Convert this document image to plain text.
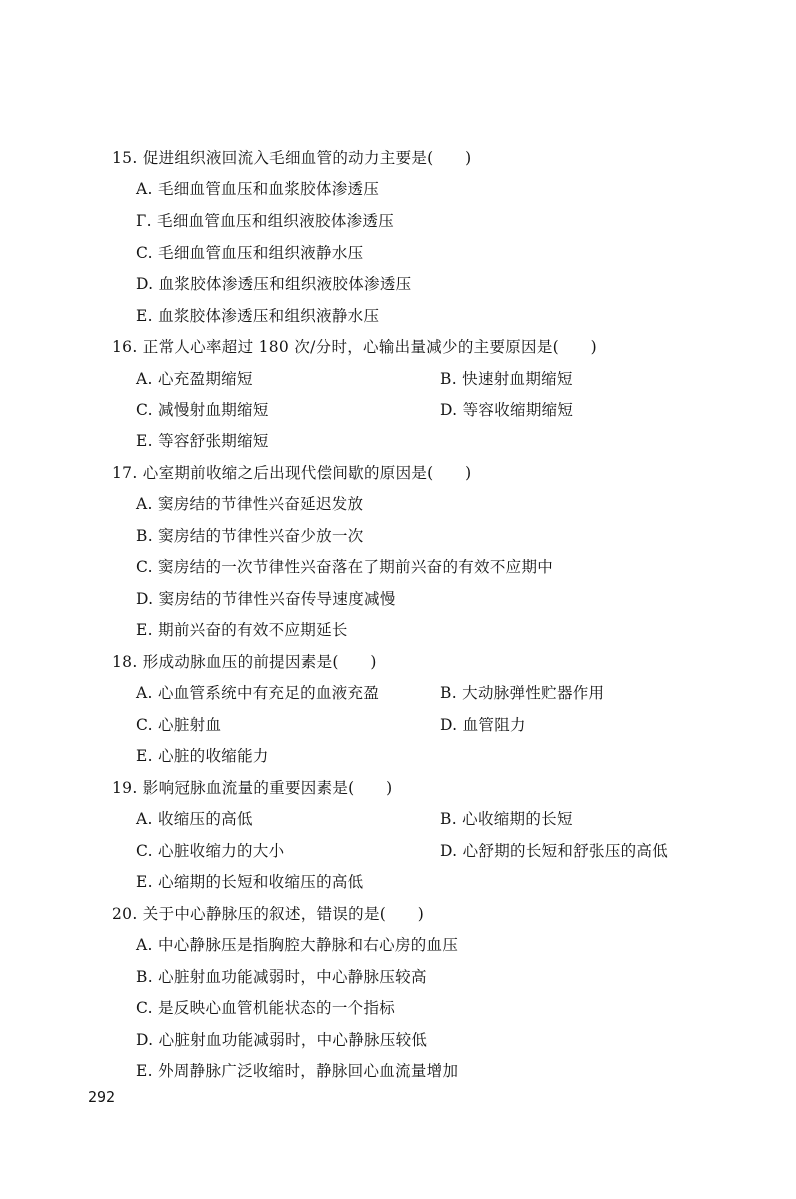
15. 促进组织液回流入毛细血管的动力主要是(　　)
A. 毛细血管血压和血浆胶体渗透压
Г. 毛细血管血压和组织液胶体渗透压
C. 毛细血管血压和组织液静水压
D. 血浆胶体渗透压和组织液胶体渗透压
E. 血浆胶体渗透压和组织液静水压
16. 正常人心率超过 180 次/分时，心输出量减少的主要原因是(　　)
A. 心充盈期缩短	B. 快速射血期缩短
C. 减慢射血期缩短	D. 等容收缩期缩短
E. 等容舒张期缩短
17. 心室期前收缩之后出现代偿间歇的原因是(　　)
A. 窦房结的节律性兴奋延迟发放
B. 窦房结的节律性兴奋少放一次
C. 窦房结的一次节律性兴奋落在了期前兴奋的有效不应期中
D. 窦房结的节律性兴奋传导速度减慢
E. 期前兴奋的有效不应期延长
18. 形成动脉血压的前提因素是(　　)
A. 心血管系统中有充足的血液充盈	B. 大动脉弹性贮器作用
C. 心脏射血	D. 血管阻力
E. 心脏的收缩能力
19. 影响冠脉血流量的重要因素是(　　)
A. 收缩压的高低	B. 心收缩期的长短
C. 心脏收缩力的大小	D. 心舒期的长短和舒张压的高低
E. 心缩期的长短和收缩压的高低
20. 关于中心静脉压的叙述，错误的是(　　)
A. 中心静脉压是指胸腔大静脉和右心房的血压
B. 心脏射血功能减弱时，中心静脉压较高
C. 是反映心血管机能状态的一个指标
D. 心脏射血功能减弱时，中心静脉压较低
E. 外周静脉广泛收缩时，静脉回心血流量增加
292
